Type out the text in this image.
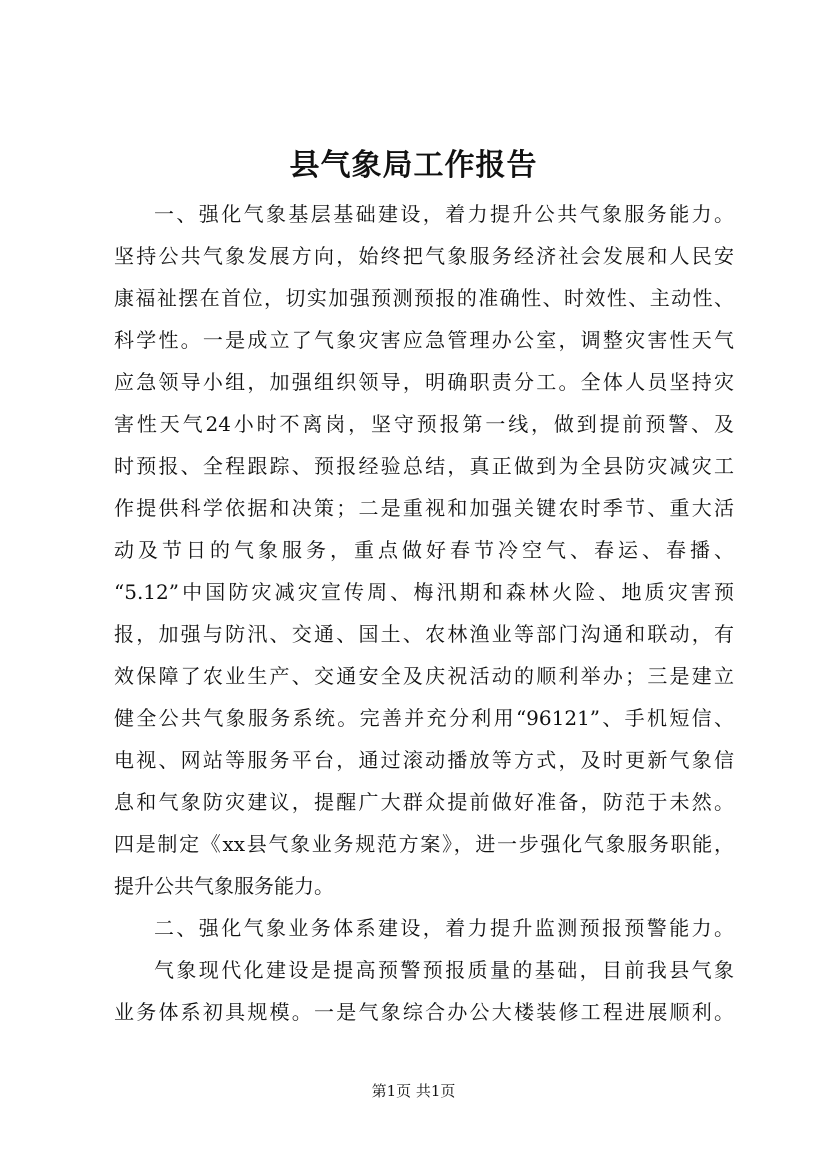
县气象局工作报告
一、强化气象基层基础建设，着力提升公共气象服务能力。
坚持公共气象发展方向，始终把气象服务经济社会发展和人民安
康福祉摆在首位，切实加强预测预报的准确性、时效性、主动性、
科学性。一是成立了气象灾害应急管理办公室，调整灾害性天气
应急领导小组，加强组织领导，明确职责分工。全体人员坚持灾
害性天气24小时不离岗，坚守预报第一线，做到提前预警、及
时预报、全程跟踪、预报经验总结，真正做到为全县防灾减灾工
作提供科学依据和决策；二是重视和加强关键农时季节、重大活
动及节日的气象服务，重点做好春节冷空气、春运、春播、
“5.12”中国防灾减灾宣传周、梅汛期和森林火险、地质灾害预
报，加强与防汛、交通、国土、农林渔业等部门沟通和联动，有
效保障了农业生产、交通安全及庆祝活动的顺利举办；三是建立
健全公共气象服务系统。完善并充分利用“96121”、手机短信、
电视、网站等服务平台，通过滚动播放等方式，及时更新气象信
息和气象防灾建议，提醒广大群众提前做好准备，防范于未然。
四是制定《xx县气象业务规范方案》，进一步强化气象服务职能，
提升公共气象服务能力。
二、强化气象业务体系建设，着力提升监测预报预警能力。
气象现代化建设是提高预警预报质量的基础，目前我县气象
业务体系初具规模。一是气象综合办公大楼装修工程进展顺利。
第1页 共1页
